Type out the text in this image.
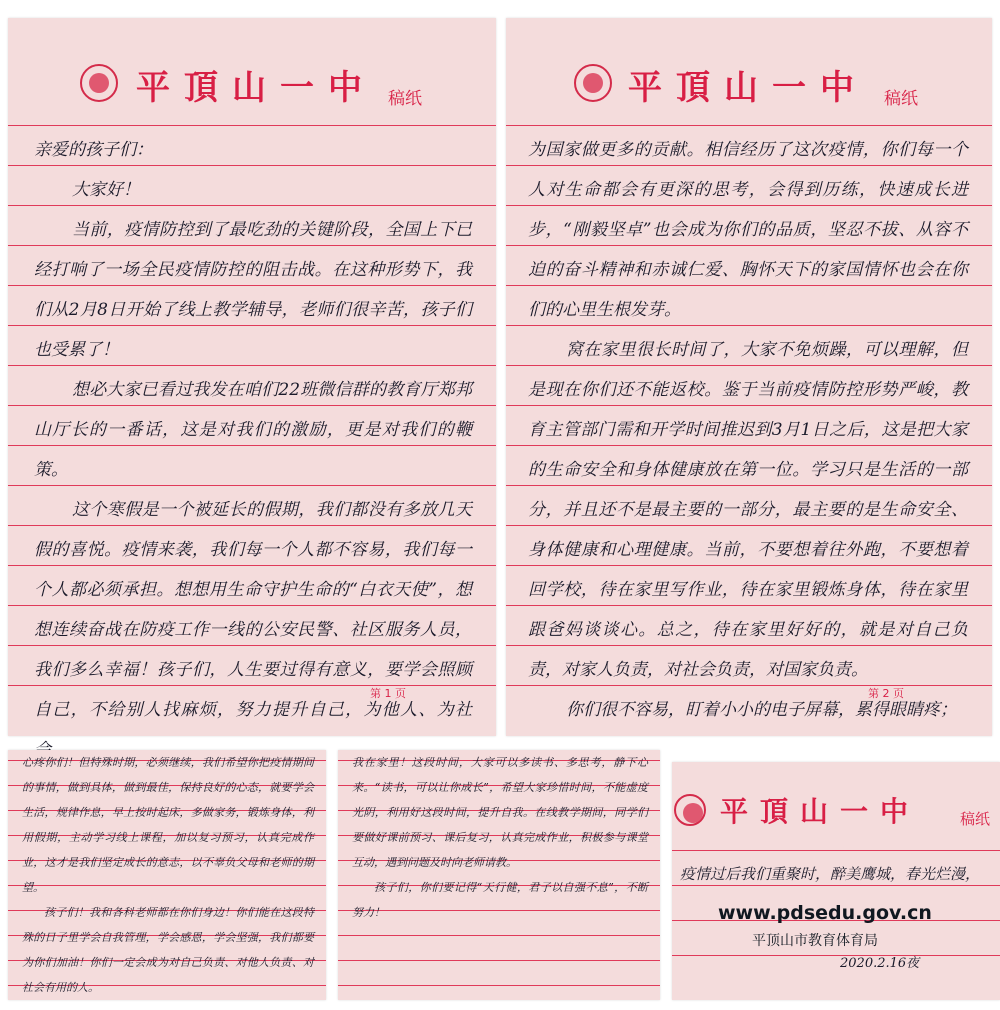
平頂山一中 稿纸

亲爱的孩子们：

大家好！

当前，疫情防控到了最吃劲的关键阶段，全国上下已经打响了一场全民疫情防控的阻击战。在这种形势下，我们从2月8日开始了线上教学辅导，老师们很辛苦，孩子们也受累了！

想必大家已看过我发在咱们22班微信群的教育厅郑邦山厅长的一番话，这是对我们的激励，更是对我们的鞭策。

这个寒假是一个被延长的假期，我们都没有多放几天假的喜悦。疫情来袭，我们每一个人都不容易，我们每一个人都必须承担。想想用生命守护生命的“白衣天使”，想想连续奋战在防疫工作一线的公安民警、社区服务人员，我们多么幸福！孩子们，人生要过得有意义，要学会照顾自己，不给别人找麻烦，努力提升自己，为他人、为社

第 1 页
平頂山一中 稿纸

为国家做更多的贡献。相信经历了这次疫情，你们每一个人对生命都会有更深的思考，会得到历练，快速成长进步，“刚毅坚卓”也会成为你们的品质，坚忍不拔、从容不迫的奋斗精神和赤诚仁爱、胸怀天下的家国情怀也会在你们的心里生根发芽。

窝在家里很长时间了，大家不免烦躁，可以理解，但是现在你们还不能返校。鉴于当前疫情防控形势严峻，教育主管部门需和开学时间推迟到3月1日之后，这是把大家的生命安全和身体健康放在第一位。学习只是生活的一部分，并且还不是最主要的一部分，最主要的是生命安全、身体健康和心理健康。当前，不要想着往外跑，不要想着回学校，待在家里写作业，待在家里锻炼身体，待在家里跟爸妈谈谈心。总之，待在家里好好的，就是对自己负责，对家人负责，对社会负责，对国家负责。

你们很不容易，盯着小小的电子屏幕，累得眼睛疼；

第 2 页

心疼你们！但特殊时期，必须继续，我们希望你把疫情期间的事情，做到具体，做到最佳，保持良好的心态，就要学会生活，规律作息，早上按时起床，多做家务，锻炼身体，利用假期，主动学习线上课程，加以复习预习，认真完成作业，这才是我们坚定成长的意志，以不辜负父母和老师的期望。

孩子们！我和各科老师都在你们身边！你们能在这段特殊的日子里学会自我管理，学会感恩，学会坚强，我们都要为你们加油！你们一定会成为对自己负责、对他人负责、对社会有用的人。

我在家里！这段时间，大家可以多读书、多思考，静下心来。“读书，可以让你成长”，希望大家珍惜时间，不能虚度光阴，利用好这段时间，提升自我。在线教学期间，同学们要做好课前预习、课后复习，认真完成作业，积极参与课堂互动，遇到问题及时向老师请教。

孩子们，你们要记得“天行健，君子以自强不息”，不断努力！

平頂山一中	稿纸

疫情过后我们重聚时，醉美鹰城，春光烂漫，

2020.2.16夜
www.pdsedu.gov.cn
平顶山市教育体育局
